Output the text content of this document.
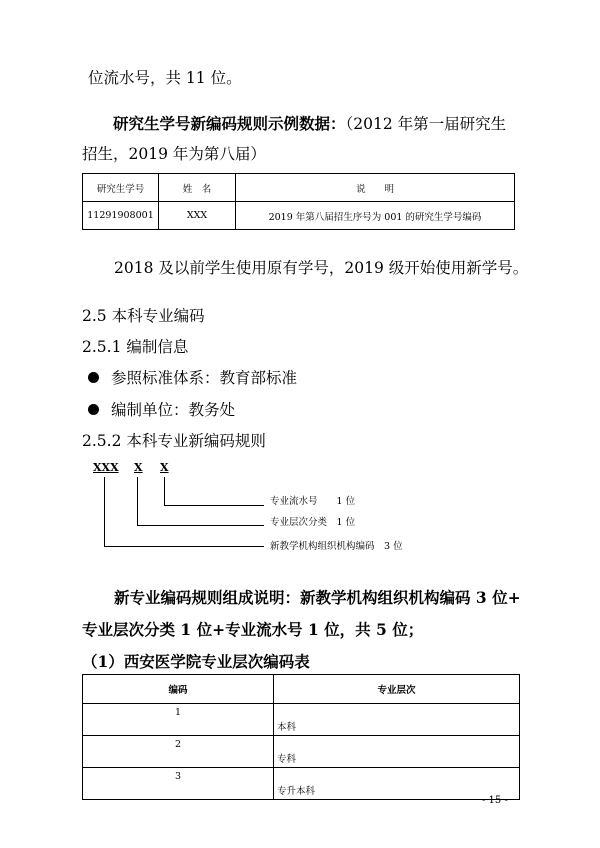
位流水号，共 11 位。
研究生学号新编码规则示例数据：（2012 年第一届研究生
招生，2019 年为第八届）
研究生学号	姓　名	说　　明
11291908001	XXX	2019 年第八届招生序号为 001 的研究生学号编码
2018 及以前学生使用原有学号，2019 级开始使用新学号。
2.5 本科专业编码
2.5.1 编制信息
参照标准体系：教育部标准
编制单位：教务处
2.5.2 本科专业新编码规则
XXX X X
专业流水号　　1 位
专业层次分类　1 位
新教学机构组织机构编码　3 位
新专业编码规则组成说明：新教学机构组织机构编码 3 位+
专业层次分类 1 位+专业流水号 1 位，共 5 位；
（1）西安医学院专业层次编码表
编码	专业层次
1	本科
2	专科
3	专升本科
- 15 -
